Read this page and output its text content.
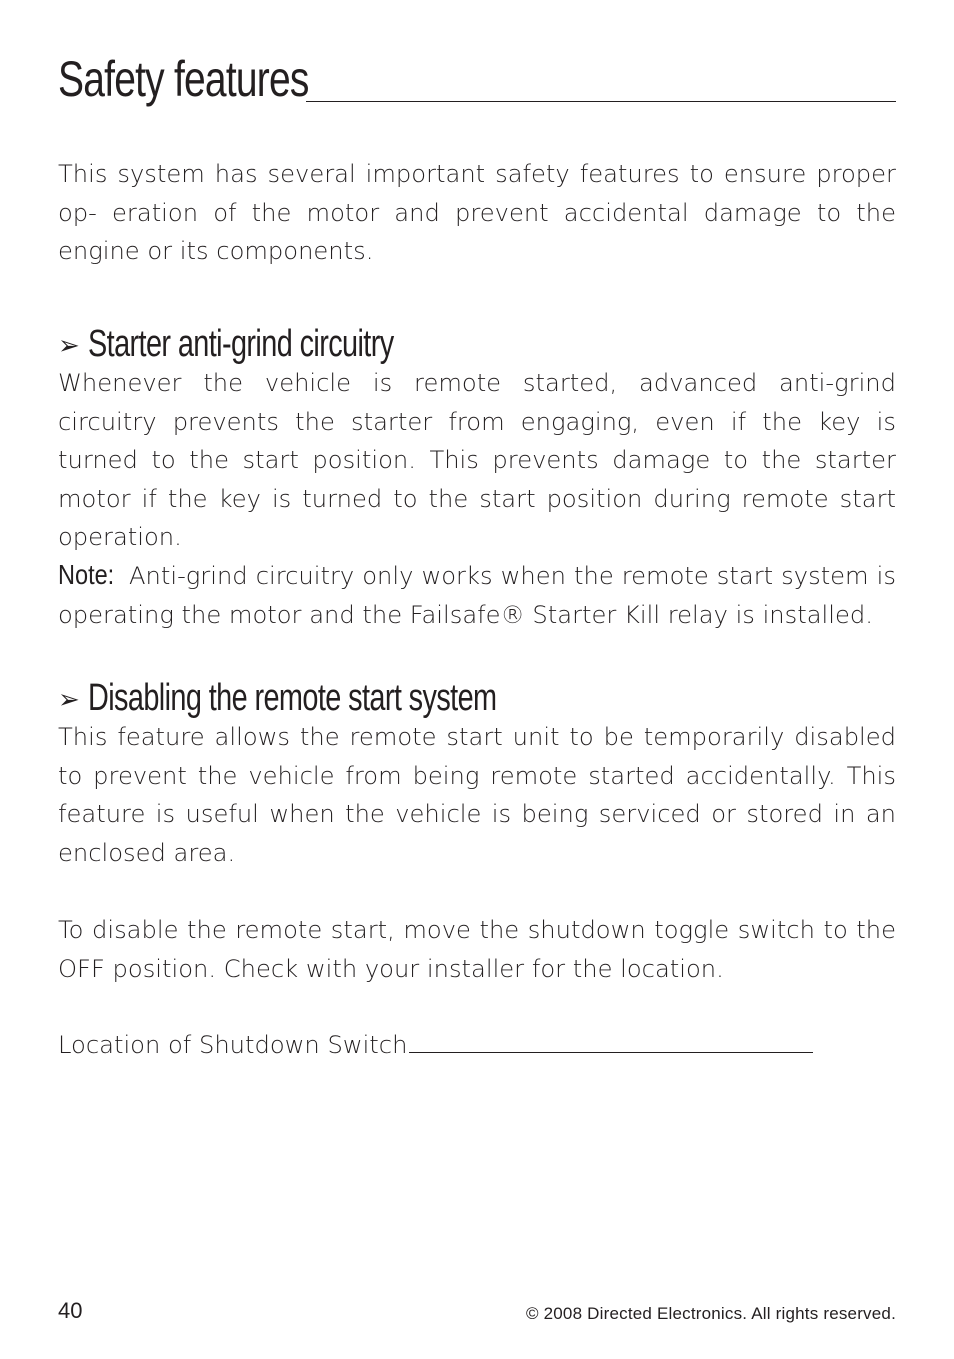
Safety features

This system has several important safety features to ensure proper op- eration of the motor and prevent accidental damage to the engine or its components.

➢ Starter anti-grind circuitry

Whenever the vehicle is remote started, advanced anti-grind circuitry prevents the starter from engaging, even if the key is turned to the start position. This prevents damage to the starter motor if the key is turned to the start position during remote start operation.

Note: Anti-grind circuitry only works when the remote start system is operating the motor and the Failsafe® Starter Kill relay is installed.

➢ Disabling the remote start system

This feature allows the remote start unit to be temporarily disabled to prevent the vehicle from being remote started accidentally. This feature is useful when the vehicle is being serviced or stored in an enclosed area.

To disable the remote start, move the shutdown toggle switch to the OFF position. Check with your installer for the location.

Location of Shutdown Switch

40	© 2008 Directed Electronics. All rights reserved.
